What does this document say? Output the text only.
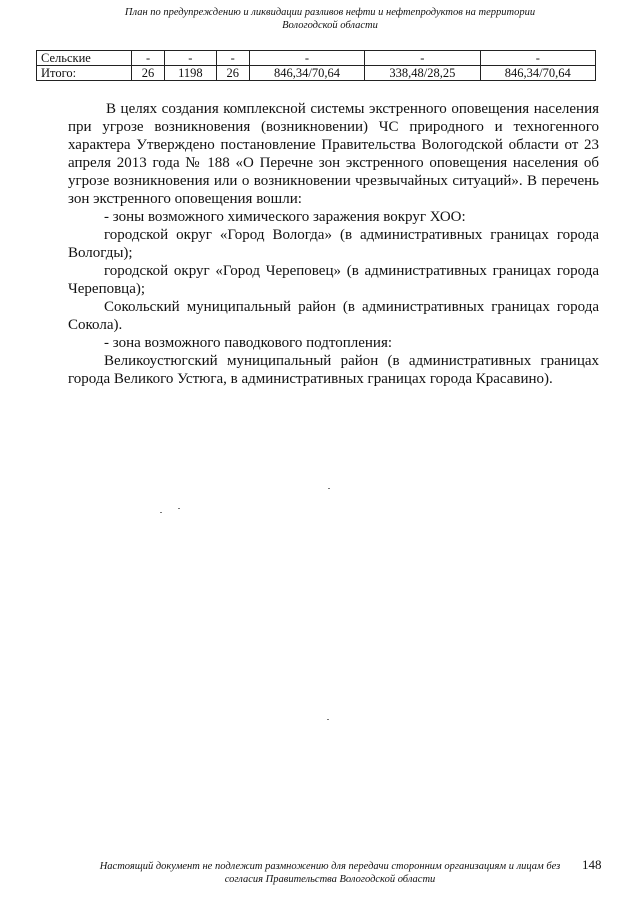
План по предупреждению и ликвидации разливов нефти и нефтепродуктов на территории
Вологодской области
Сельские	-	-	-	-	-	-
Итого:	26	1198	26	846,34/70,64	338,48/28,25	846,34/70,64

В целях создания комплексной системы экстренного оповещения населения при угрозе возникновения (возникновении) ЧС природного и техногенного характера Утверждено постановление Правительства Вологодской области от 23 апреля 2013 года № 188 «О Перечне зон экстренного оповещения населения об угрозе возникновения или о возникновении чрезвычайных ситуаций». В перечень зон экстренного оповещения вошли:

- зоны возможного химического заражения вокруг ХОО:

городской округ «Город Вологда» (в административных границах города Вологды);

городской округ «Город Череповец» (в административных границах города Череповца);

Сокольский муниципальный район (в административных границах города Сокола).

- зона возможного паводкового подтопления:

Великоустюгский муниципальный район (в административных границах города Великого Устюга, в административных границах города Красавино).

Настоящий документ не подлежит размножению для передачи сторонним организациям и лицам без
согласия Правительства Вологодской области
148
